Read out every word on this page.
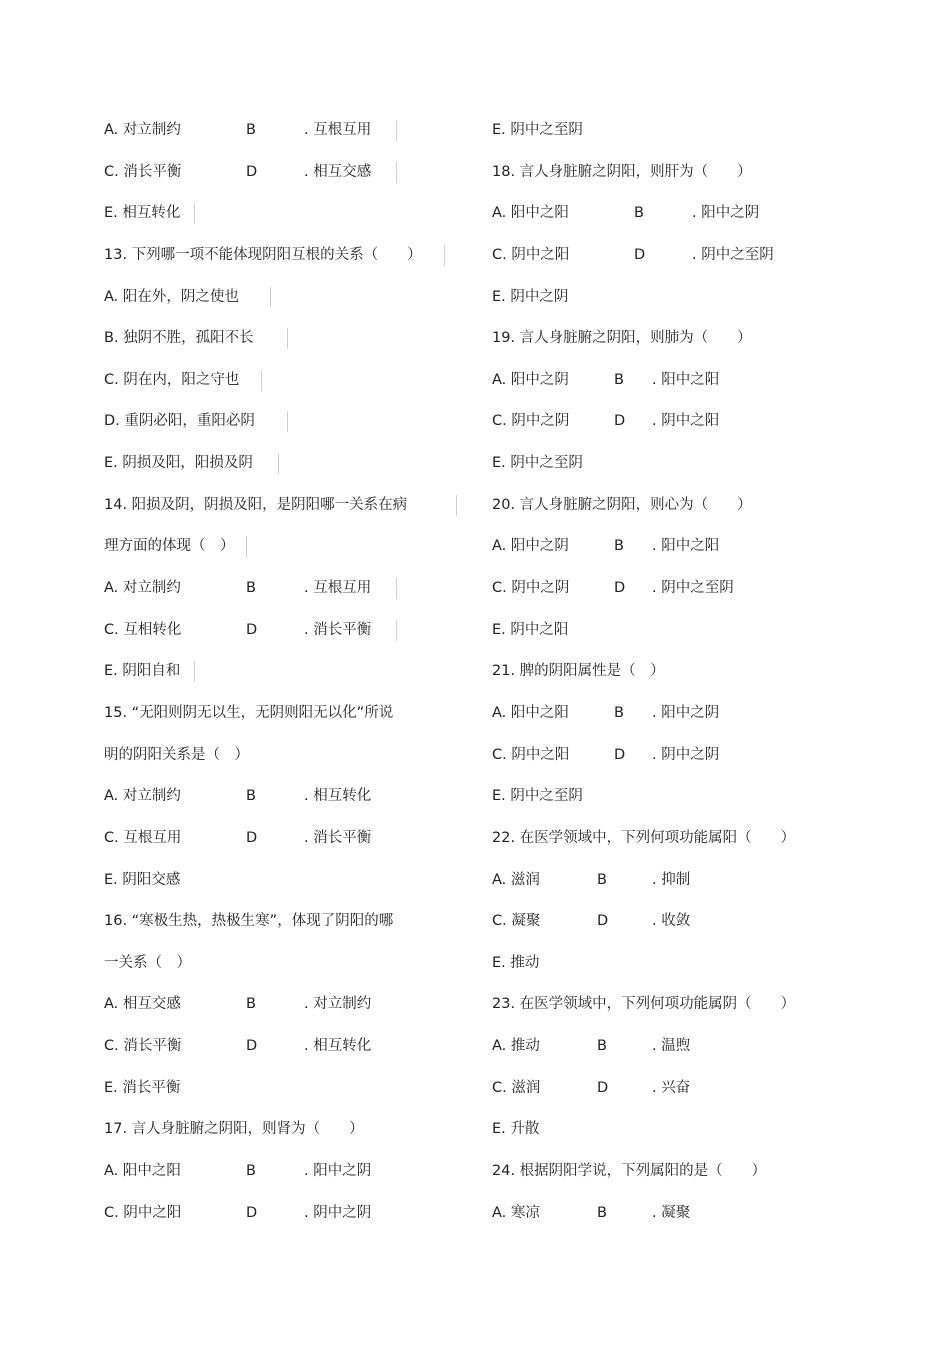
A. 对立制约	B	. 互根互用
C. 消长平衡	D	. 相互交感
E. 相互转化
13. 下列哪一项不能体现阴阳互根的关系（　　）
A. 阳在外，阴之使也
B. 独阴不胜，孤阳不长
C. 阴在内，阳之守也
D. 重阴必阳，重阳必阴
E. 阴损及阳，阳损及阴
14. 阳损及阴，阴损及阳，是阴阳哪一关系在病
理方面的体现（　）
A. 对立制约	B	. 互根互用
C. 互相转化	D	. 消长平衡
E. 阴阳自和
15. “无阳则阴无以生，无阴则阳无以化”所说
明的阴阳关系是（　）
A. 对立制约	B	. 相互转化
C. 互根互用	D	. 消长平衡
E. 阴阳交感
16. “寒极生热，热极生寒”，体现了阴阳的哪
一关系（　）
A. 相互交感	B	. 对立制约
C. 消长平衡	D	. 相互转化
E. 消长平衡
17. 言人身脏腑之阴阳，则肾为（　　）
A. 阳中之阳	B	. 阳中之阴
C. 阴中之阳	D	. 阴中之阴
E. 阴中之至阴
18. 言人身脏腑之阴阳，则肝为（　　）
A. 阳中之阳	B	. 阳中之阴
C. 阴中之阳	D	. 阴中之至阴
E. 阴中之阴
19. 言人身脏腑之阴阳，则肺为（　　）
A. 阳中之阴	B . 阳中之阳
C. 阴中之阴	D . 阴中之阳
E. 阴中之至阴
20. 言人身脏腑之阴阳，则心为（　　）
A. 阳中之阴	B . 阳中之阳
C. 阴中之阴	D . 阴中之至阴
E. 阴中之阳
21. 脾的阴阳属性是（　）
A. 阳中之阳	B . 阳中之阴
C. 阴中之阳	D . 阴中之阴
E. 阴中之至阴
22. 在医学领域中，下列何项功能属阳（　　）
A. 滋润	B	. 抑制
C. 凝聚	D	. 收敛
E. 推动
23. 在医学领域中，下列何项功能属阴（　　）
A. 推动	B	. 温煦
C. 滋润	D	. 兴奋
E. 升散
24. 根据阴阳学说，下列属阳的是（　　）
A. 寒凉	B	. 凝聚
